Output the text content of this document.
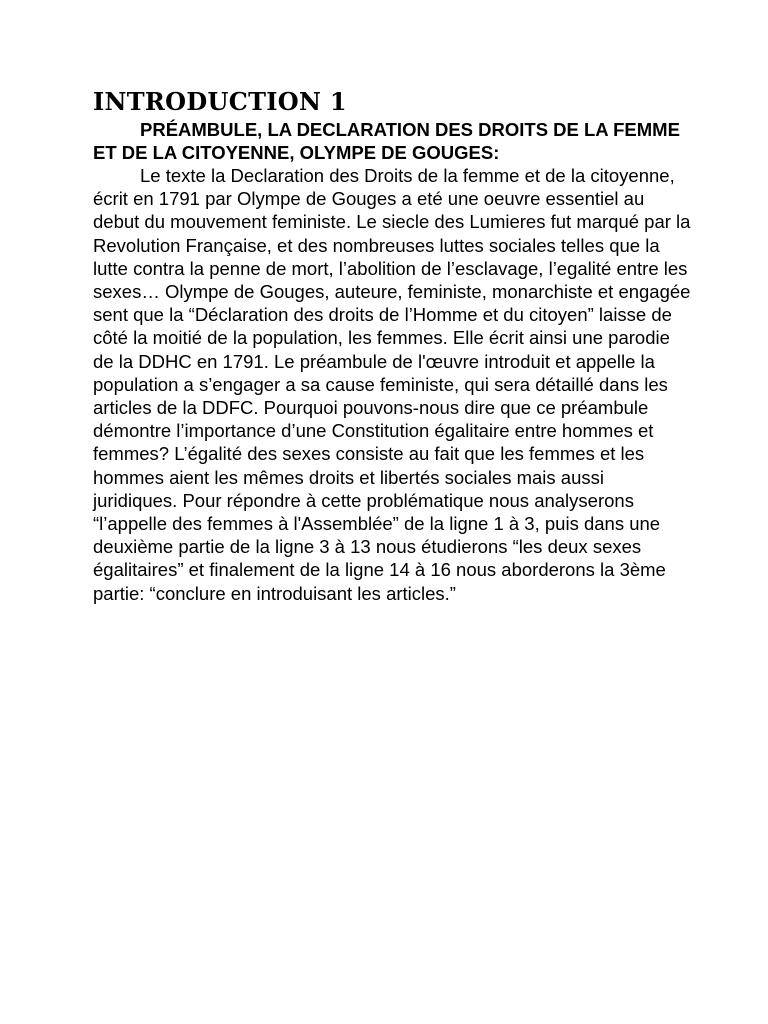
INTRODUCTION 1

PRÉAMBULE, LA DECLARATION DES DROITS DE LA FEMME ET DE LA CITOYENNE, OLYMPE DE GOUGES:

Le texte la Declaration des Droits de la femme et de la citoyenne, écrit en 1791 par Olympe de Gouges a eté une oeuvre essentiel au debut du mouvement feministe. Le siecle des Lumieres fut marqué par la Revolution Française, et des nombreuses luttes sociales telles que la lutte contra la penne de mort, l’abolition de l’esclavage, l’egalité entre les sexes… Olympe de Gouges, auteure, feministe, monarchiste et engagée sent que la “Déclaration des droits de l’Homme et du citoyen” laisse de côté la moitié de la population, les femmes. Elle écrit ainsi une parodie de la DDHC en 1791. Le préambule de l'œuvre introduit et appelle la population a s’engager a sa cause feministe, qui sera détaillé dans les articles de la DDFC. Pourquoi pouvons-nous dire que ce préambule démontre l’importance d’une Constitution égalitaire entre hommes et femmes? L’égalité des sexes consiste au fait que les femmes et les hommes aient les mêmes droits et libertés sociales mais aussi juridiques. Pour répondre à cette problématique nous analyserons “l’appelle des femmes à l'Assemblée” de la ligne 1 à 3, puis dans une deuxième partie de la ligne 3 à 13 nous étudierons “les deux sexes égalitaires” et finalement de la ligne 14 à 16 nous aborderons la 3ème partie: “conclure en introduisant les articles.”
